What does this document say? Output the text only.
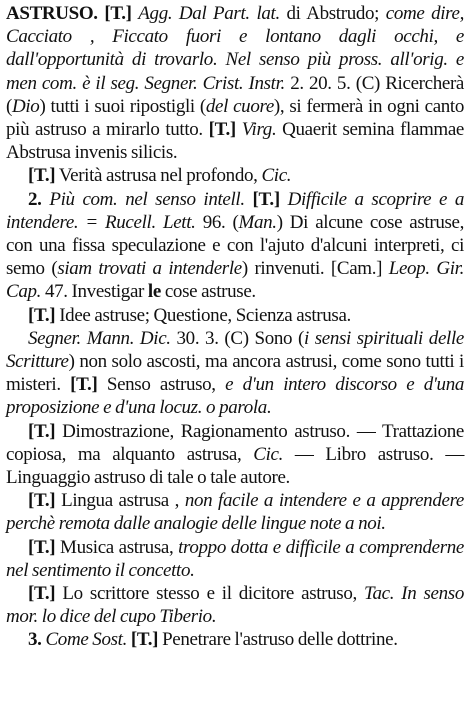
ASTRUSO. [T.] Agg. Dal Part. lat. di Abstrudo; come dire, Cacciato , Ficcato fuori e lontano dagli occhi, e dall'opportunità di trovarlo. Nel senso più pross. all'orig. e men com. è il seg. Segner. Crist. Instr. 2. 20. 5. (C) Ricercherà (Dio) tutti i suoi ripostigli (del cuore), si fermerà in ogni canto più astruso a mirarlo tutto. [T.] Virg. Quaerit semina flammae Abstrusa invenis silicis.

[T.] Verità astrusa nel profondo, Cic.

2. Più com. nel senso intell. [T.] Difficile a scoprire e a intendere. = Rucell. Lett. 96. (Man.) Di alcune cose astruse, con una fissa speculazione e con l'ajuto d'alcuni interpreti, ci semo (siam trovati a intenderle) rinvenuti. [Cam.] Leop. Gir. Cap. 47. Investigar le cose astruse.

[T.] Idee astruse; Questione, Scienza astrusa.

Segner. Mann. Dic. 30. 3. (C) Sono (i sensi spirituali delle Scritture) non solo ascosti, ma ancora astrusi, come sono tutti i misteri. [T.] Senso astruso, e d'un intero discorso e d'una proposizione e d'una locuz. o parola.

[T.] Dimostrazione, Ragionamento astruso. — Trattazione copiosa, ma alquanto astrusa, Cic. — Libro astruso. — Linguaggio astruso di tale o tale autore.

[T.] Lingua astrusa , non facile a intendere e a apprendere perchè remota dalle analogie delle lingue note a noi.

[T.] Musica astrusa, troppo dotta e difficile a comprenderne nel sentimento il concetto.

[T.] Lo scrittore stesso e il dicitore astruso, Tac. In senso mor. lo dice del cupo Tiberio.

3. Come Sost. [T.] Penetrare l'astruso delle dottrine.
